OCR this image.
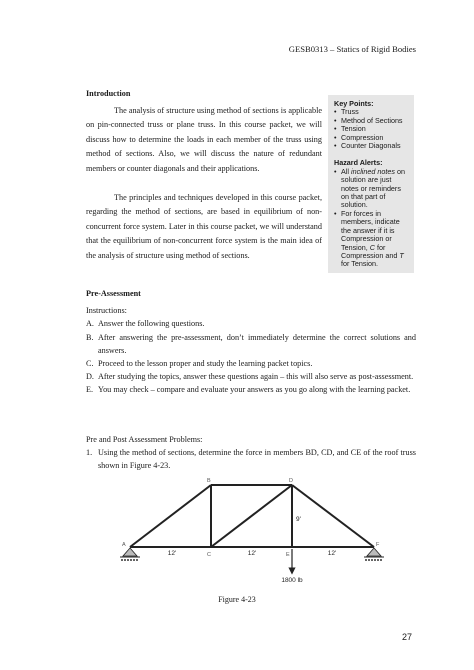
GESB0313 – Statics of Rigid Bodies
Introduction

The analysis of structure using method of sections is applicable on pin-connected truss or plane truss. In this course packet, we will discuss how to determine the loads in each member of the truss using method of sections. Also, we will discuss the nature of redundant members or counter diagonals and their applications.

The principles and techniques developed in this course packet, regarding the method of sections, are based in equilibrium of non-concurrent force system. Later in this course packet, we will understand that the equilibrium of non-concurrent force system is the main idea of the analysis of structure using method of sections.

Key Points:
• Truss
• Method of Sections
• Tension
• Compression
• Counter Diagonals
Hazard Alerts:
• All inclined notes on solution are just notes or reminders on that part of solution.
• For forces in members, indicate the answer if it is Compression or Tension, C for Compression and T for Tension.
Pre-Assessment
Instructions:
A. Answer the following questions.
B. After answering the pre-assessment, don’t immediately determine the correct solutions and answers.
C. Proceed to the lesson proper and study the learning packet topics.
D. After studying the topics, answer these questions again – this will also serve as post-assessment.
E. You may check – compare and evaluate your answers as you go along with the learning packet.
Pre and Post Assessment Problems:
1. Using the method of sections, determine the force in members BD, CD, and CE of the roof truss shown in Figure 4-23.
A
B
C
D
E
F
12'	12'	12'
9'
1800 lb
Figure 4-23
27
